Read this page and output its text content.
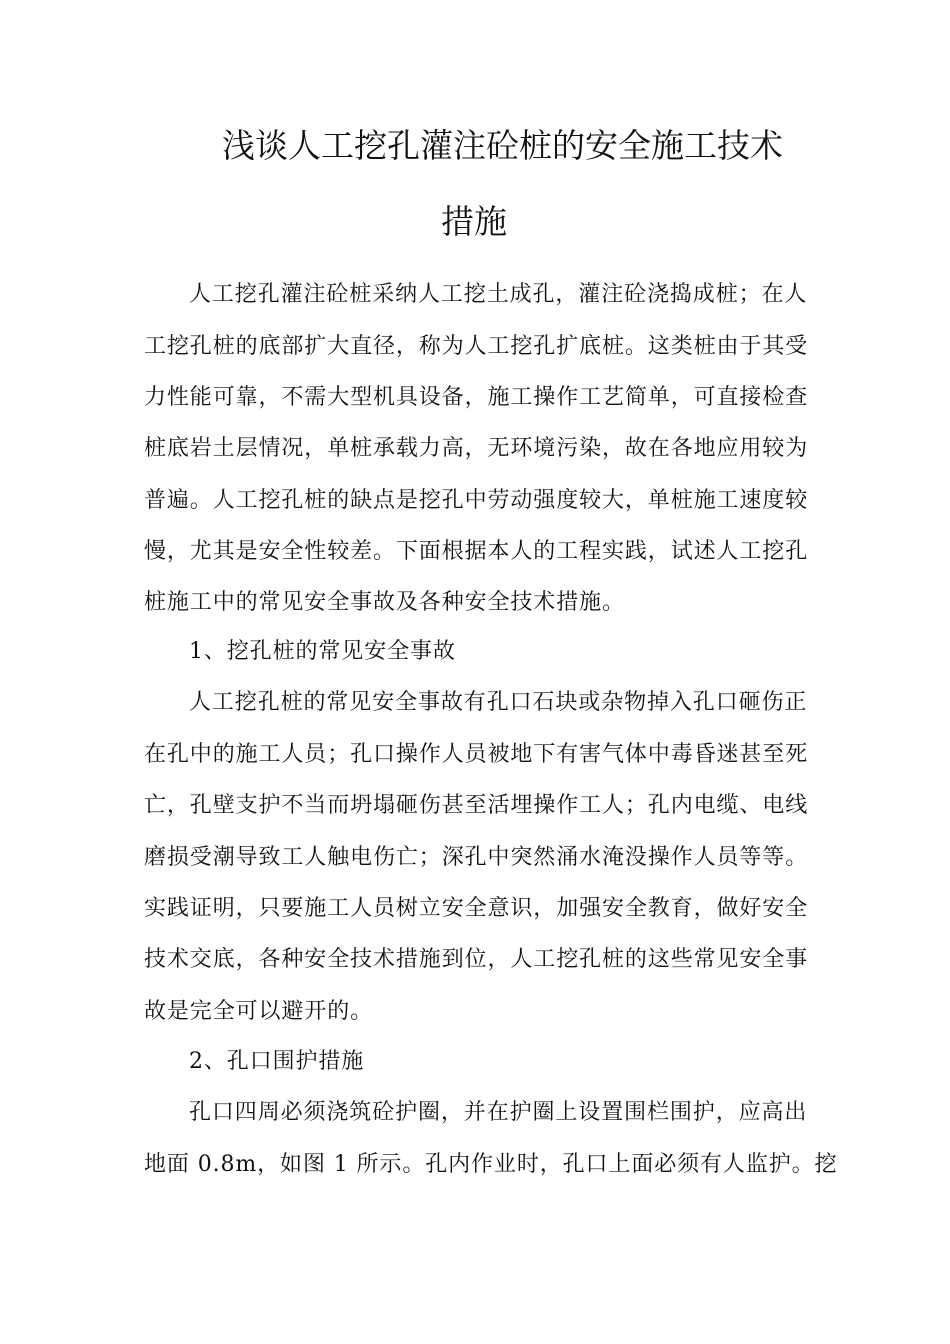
浅谈人工挖孔灌注砼桩的安全施工技术
措施
人工挖孔灌注砼桩采纳人工挖土成孔，灌注砼浇捣成桩；在人
工挖孔桩的底部扩大直径，称为人工挖孔扩底桩。这类桩由于其受
力性能可靠，不需大型机具设备，施工操作工艺简单，可直接检查
桩底岩土层情况，单桩承载力高，无环境污染，故在各地应用较为
普遍。人工挖孔桩的缺点是挖孔中劳动强度较大，单桩施工速度较
慢，尤其是安全性较差。下面根据本人的工程实践，试述人工挖孔
桩施工中的常见安全事故及各种安全技术措施。
1、挖孔桩的常见安全事故
人工挖孔桩的常见安全事故有孔口石块或杂物掉入孔口砸伤正
在孔中的施工人员；孔口操作人员被地下有害气体中毒昏迷甚至死
亡，孔壁支护不当而坍塌砸伤甚至活埋操作工人；孔内电缆、电线
磨损受潮导致工人触电伤亡；深孔中突然涌水淹没操作人员等等。
实践证明，只要施工人员树立安全意识，加强安全教育，做好安全
技术交底，各种安全技术措施到位，人工挖孔桩的这些常见安全事
故是完全可以避开的。
2、孔口围护措施
孔口四周必须浇筑砼护圈，并在护圈上设置围栏围护，应高出
地面 0.8m，如图 1 所示。孔内作业时，孔口上面必须有人监护。挖
